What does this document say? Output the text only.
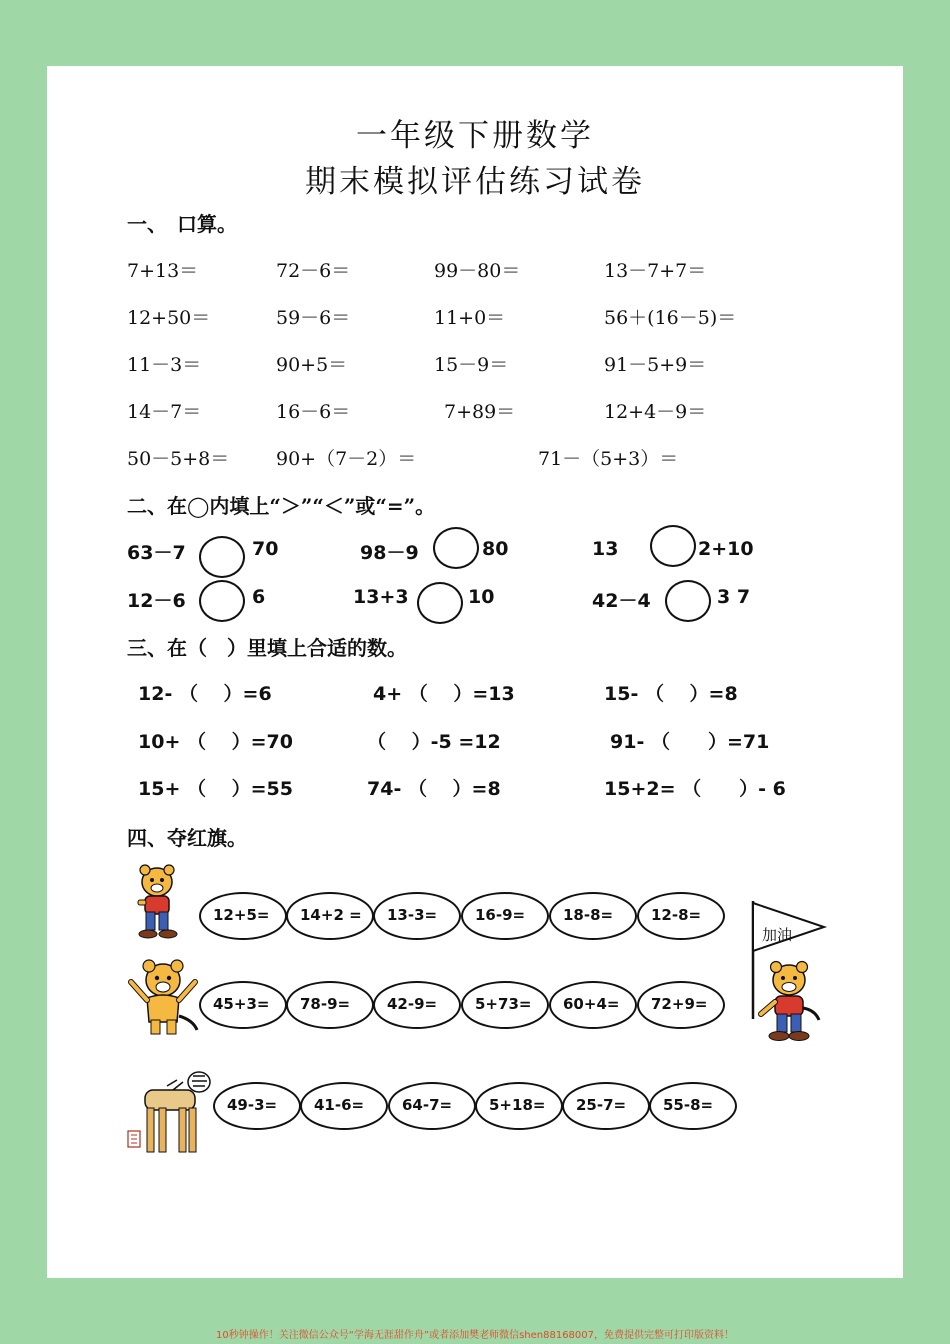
一年级下册数学
期末模拟评估练习试卷
一、　口算。
7+13＝	72－6＝	99－80＝	13－7+7＝
12+50＝	59－6＝	11+0＝	56＋(16－5)＝
11－3＝	90+5＝	15－9＝	91－5+9＝
14－7＝	16－6＝	7+89＝	12+4－9＝
50－5+8＝ 90+（7－2）＝	71－（5+3）＝
二、在◯内填上“＞”“＜”或“=”。
63－7	70	98－9	80	13	2+10
12－6	6	13+3	10	42－4	3 7
三、在（　）里填上合适的数。
12- （　 ）=6	4+ （　 ）=13	15- （　 ）=8
10+ （　 ）=70	（　 ）-5 =12	91- （　　）=71
15+ （　 ）=55	74- （　 ）=8	15+2= （　　）- 6
四、夺红旗。
12+5= 14+2 = 13-3=	16-9=	18-8=	12-8=
45+3= 78-9= 42-9=	5+73= 60+4= 72+9=
49-3= 41-6=	64-7= 5+18= 25-7= 55-8=
加油
10秒钟操作！关注微信公众号“学海无涯甜作舟”或者添加樊老师微信shen88168007，免费提供完整可打印版资料！
